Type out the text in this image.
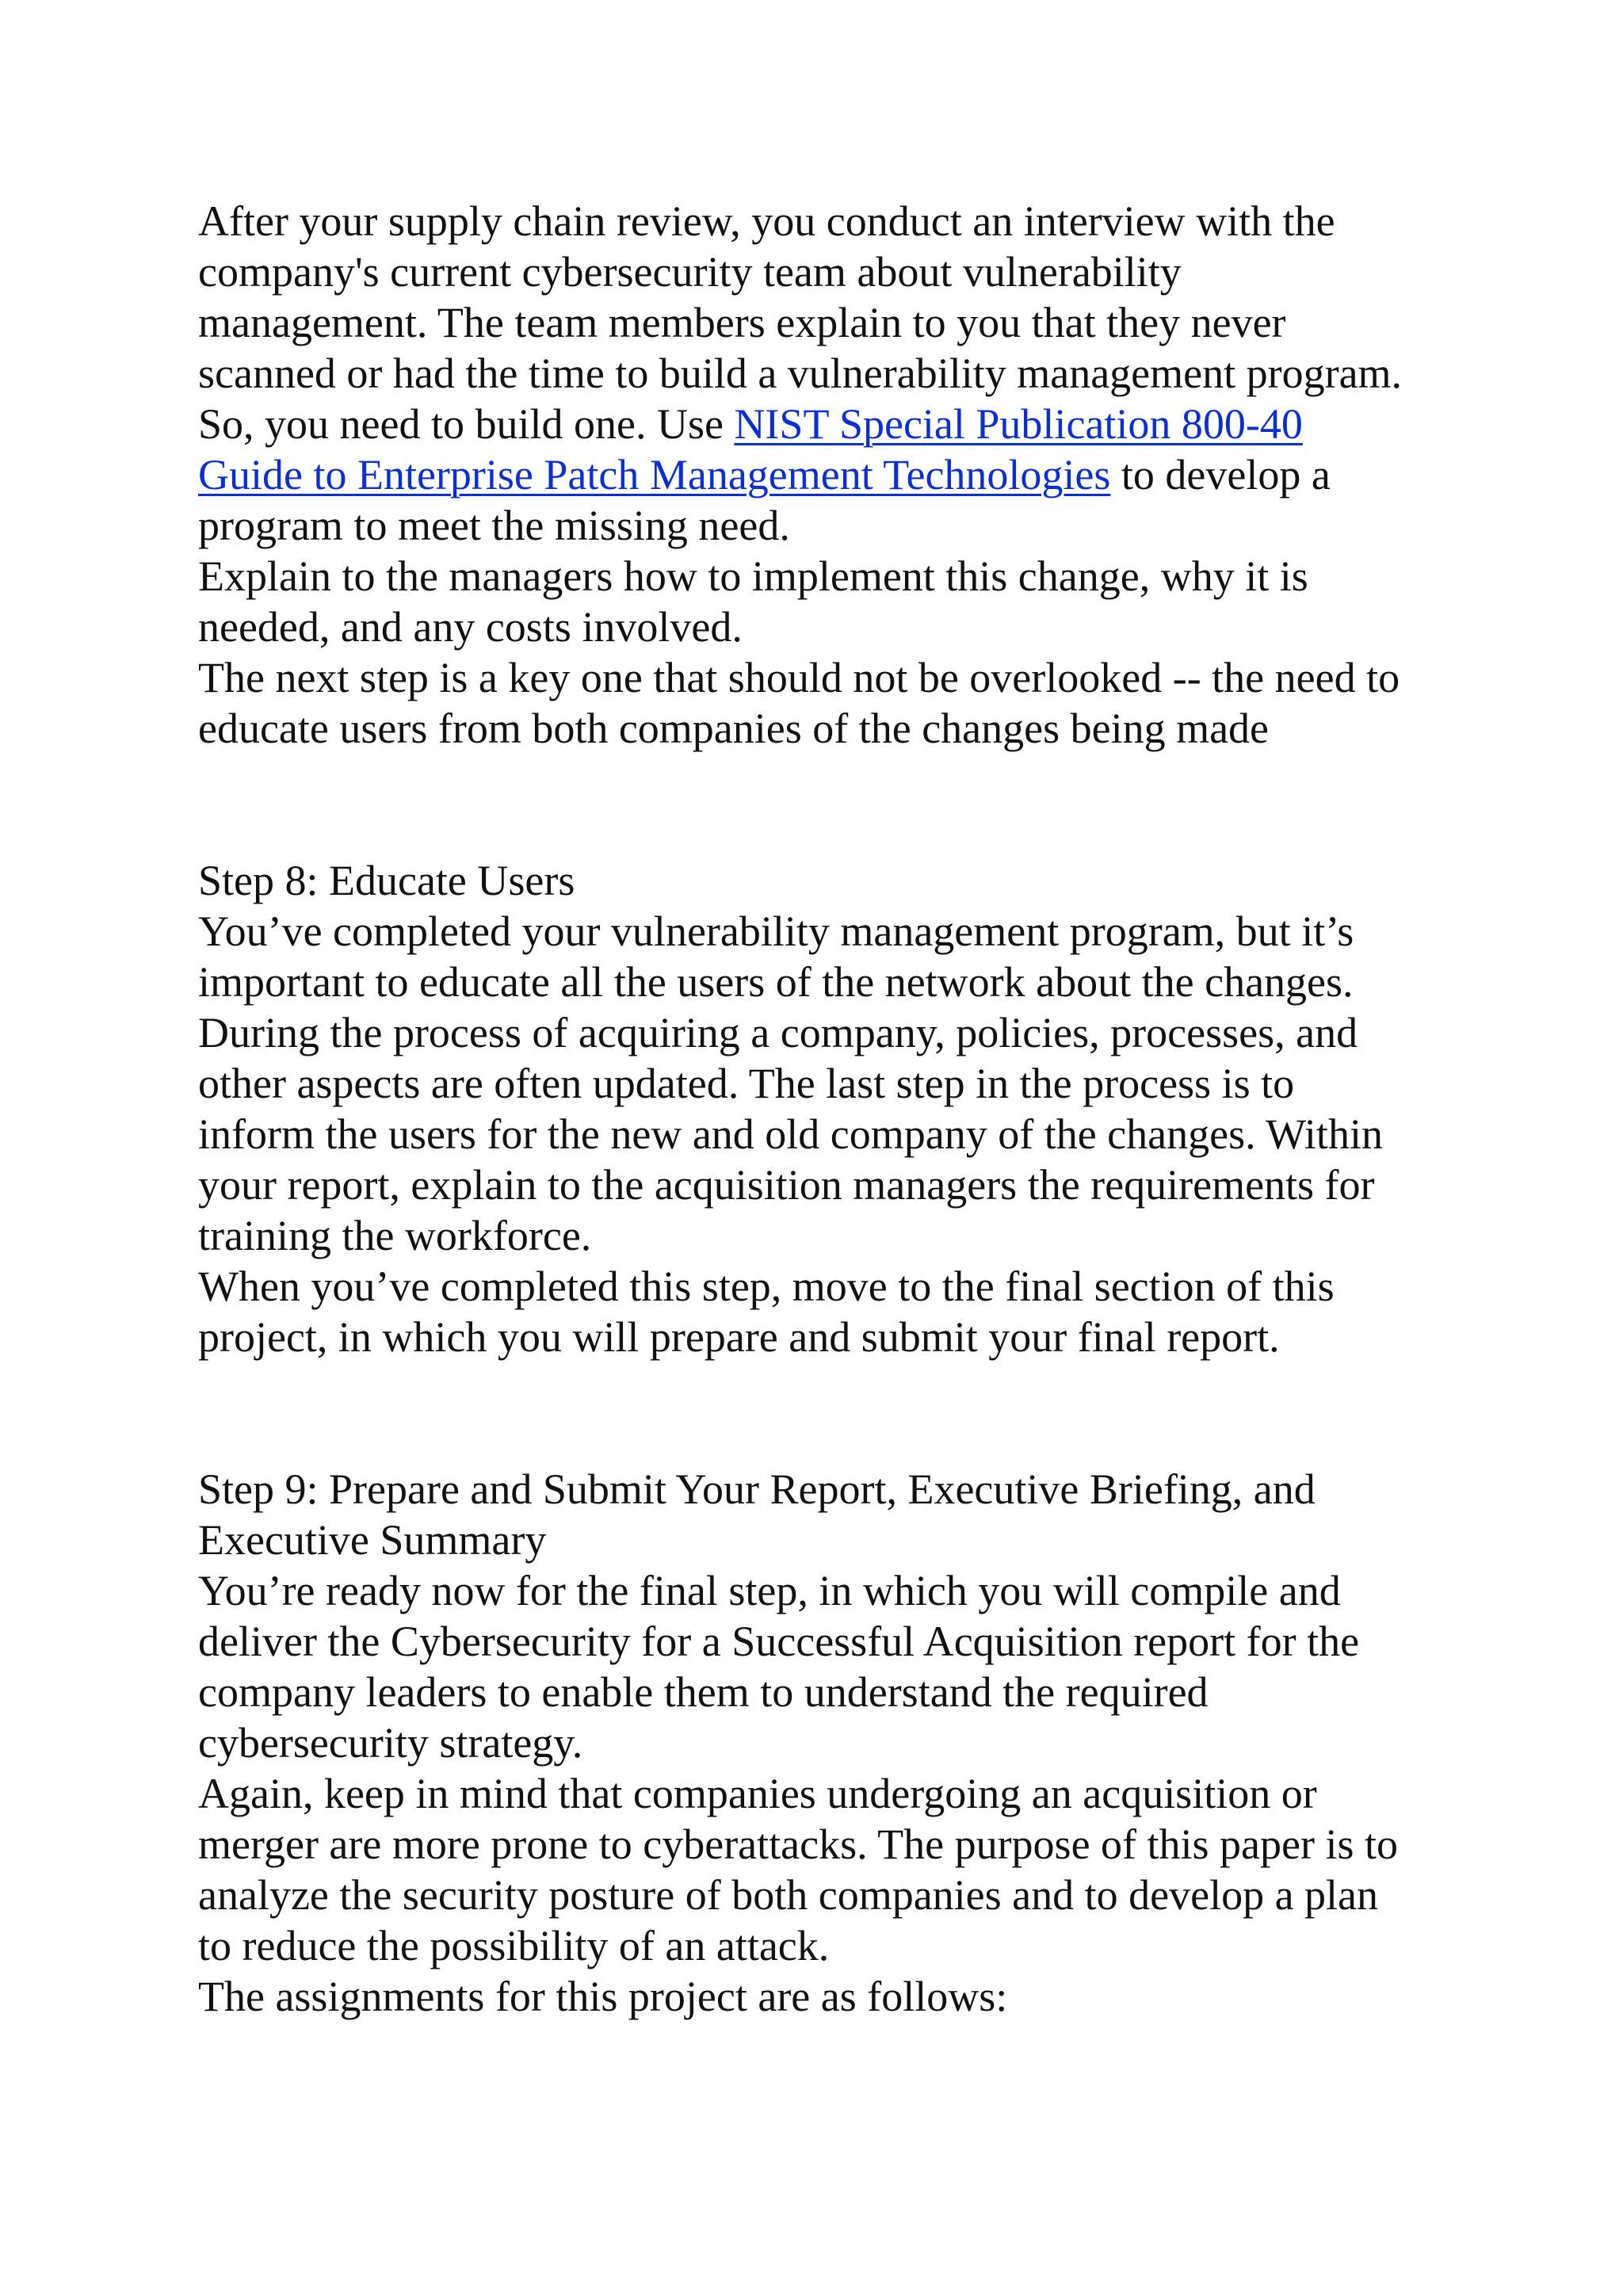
After your supply chain review, you conduct an interview with the
company's current cybersecurity team about vulnerability
management. The team members explain to you that they never
scanned or had the time to build a vulnerability management program.
So, you need to build one. Use NIST Special Publication 800-40
Guide to Enterprise Patch Management Technologies to develop a
program to meet the missing need.

Explain to the managers how to implement this change, why it is
needed, and any costs involved.

The next step is a key one that should not be overlooked -- the need to
educate users from both companies of the changes being made

Step 8: Educate Users

You’ve completed your vulnerability management program, but it’s
important to educate all the users of the network about the changes.
During the process of acquiring a company, policies, processes, and
other aspects are often updated. The last step in the process is to
inform the users for the new and old company of the changes. Within
your report, explain to the acquisition managers the requirements for
training the workforce.

When you’ve completed this step, move to the final section of this
project, in which you will prepare and submit your final report.

Step 9: Prepare and Submit Your Report, Executive Briefing, and
Executive Summary

You’re ready now for the final step, in which you will compile and
deliver the Cybersecurity for a Successful Acquisition report for the
company leaders to enable them to understand the required
cybersecurity strategy.

Again, keep in mind that companies undergoing an acquisition or
merger are more prone to cyberattacks. The purpose of this paper is to
analyze the security posture of both companies and to develop a plan
to reduce the possibility of an attack.

The assignments for this project are as follows:
